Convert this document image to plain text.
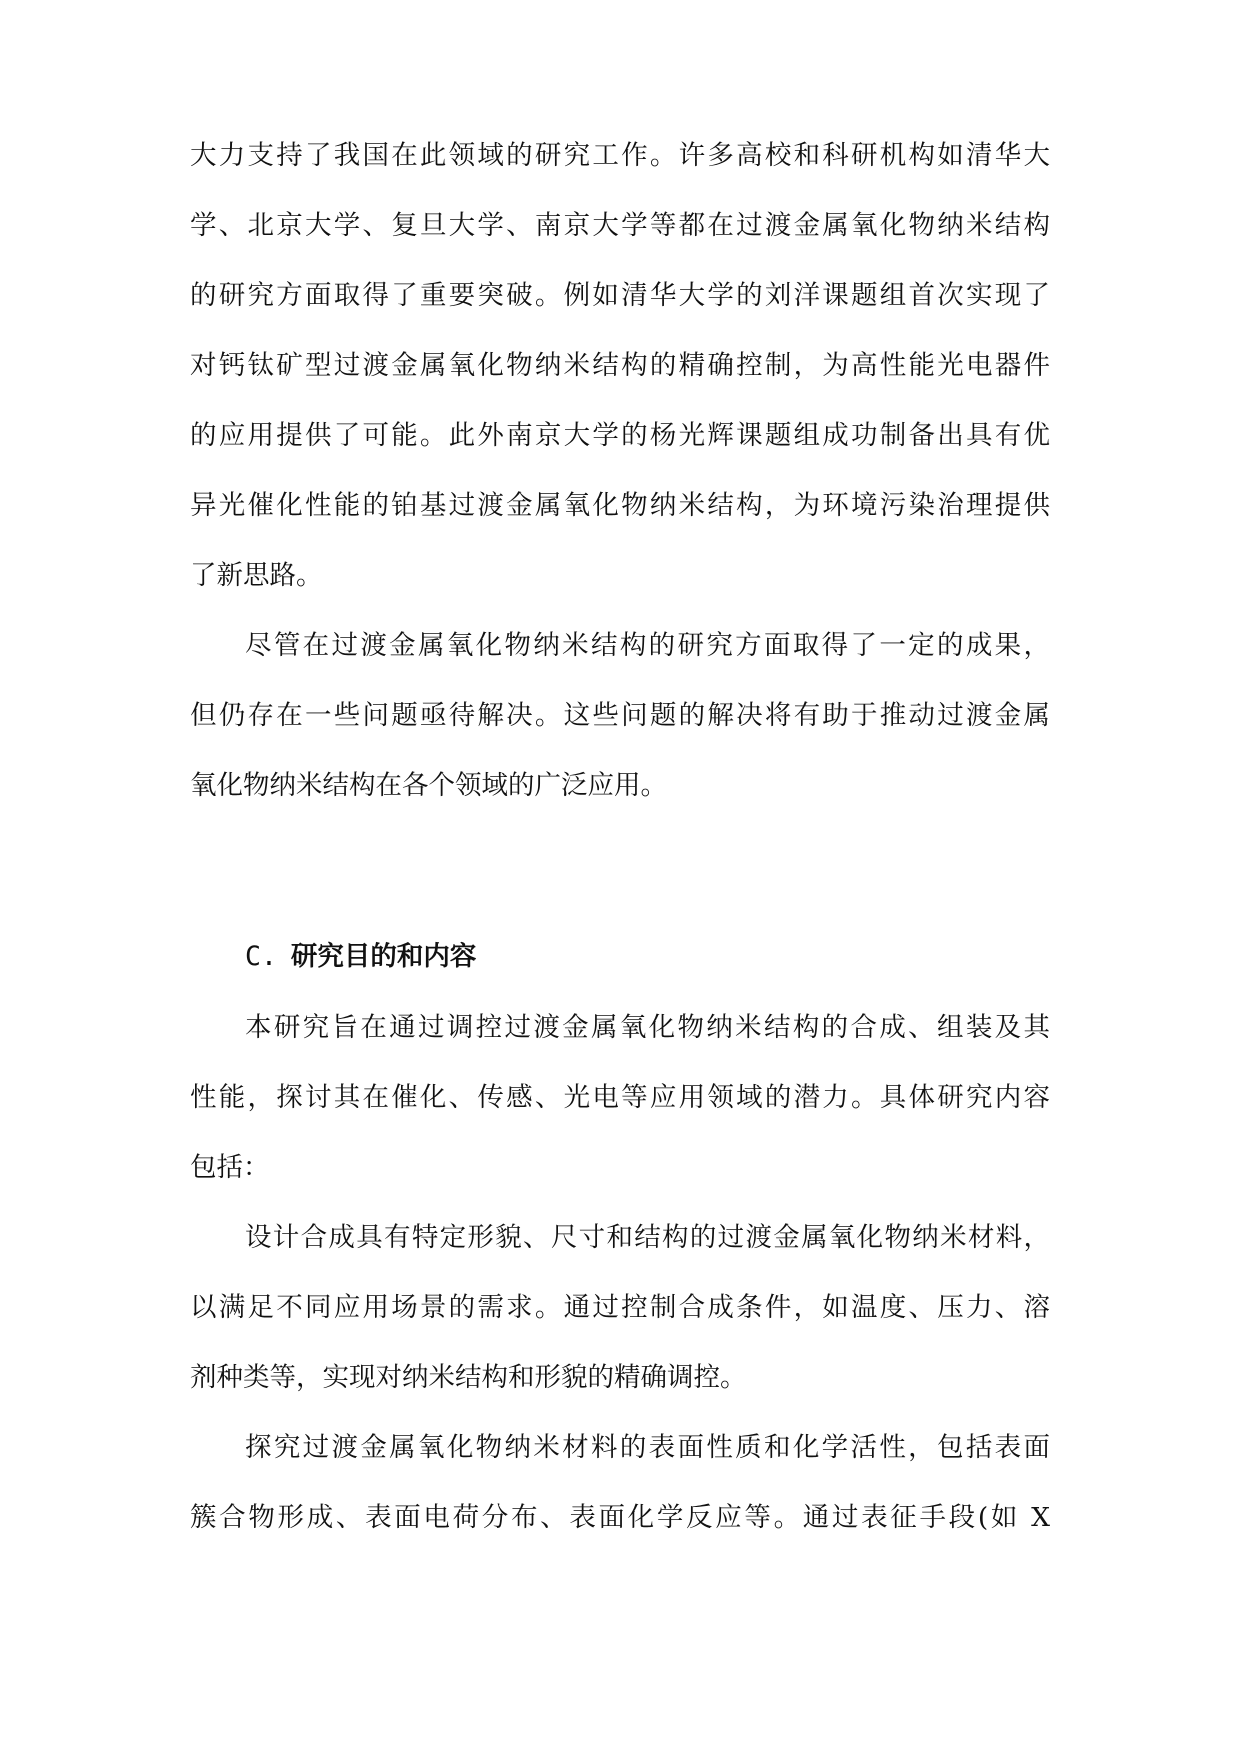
大力支持了我国在此领域的研究工作。许多高校和科研机构如清华大
学、北京大学、复旦大学、南京大学等都在过渡金属氧化物纳米结构
的研究方面取得了重要突破。例如清华大学的刘洋课题组首次实现了
对钙钛矿型过渡金属氧化物纳米结构的精确控制，为高性能光电器件
的应用提供了可能。此外南京大学的杨光辉课题组成功制备出具有优
异光催化性能的铂基过渡金属氧化物纳米结构，为环境污染治理提供
了新思路。
尽管在过渡金属氧化物纳米结构的研究方面取得了一定的成果，
但仍存在一些问题亟待解决。这些问题的解决将有助于推动过渡金属
氧化物纳米结构在各个领域的广泛应用。
C. 研究目的和内容
本研究旨在通过调控过渡金属氧化物纳米结构的合成、组装及其
性能，探讨其在催化、传感、光电等应用领域的潜力。具体研究内容
包括：
设计合成具有特定形貌、尺寸和结构的过渡金属氧化物纳米材料，
以满足不同应用场景的需求。通过控制合成条件，如温度、压力、溶
剂种类等，实现对纳米结构和形貌的精确调控。
探究过渡金属氧化物纳米材料的表面性质和化学活性，包括表面
簇合物形成、表面电荷分布、表面化学反应等。通过表征手段(如 X
